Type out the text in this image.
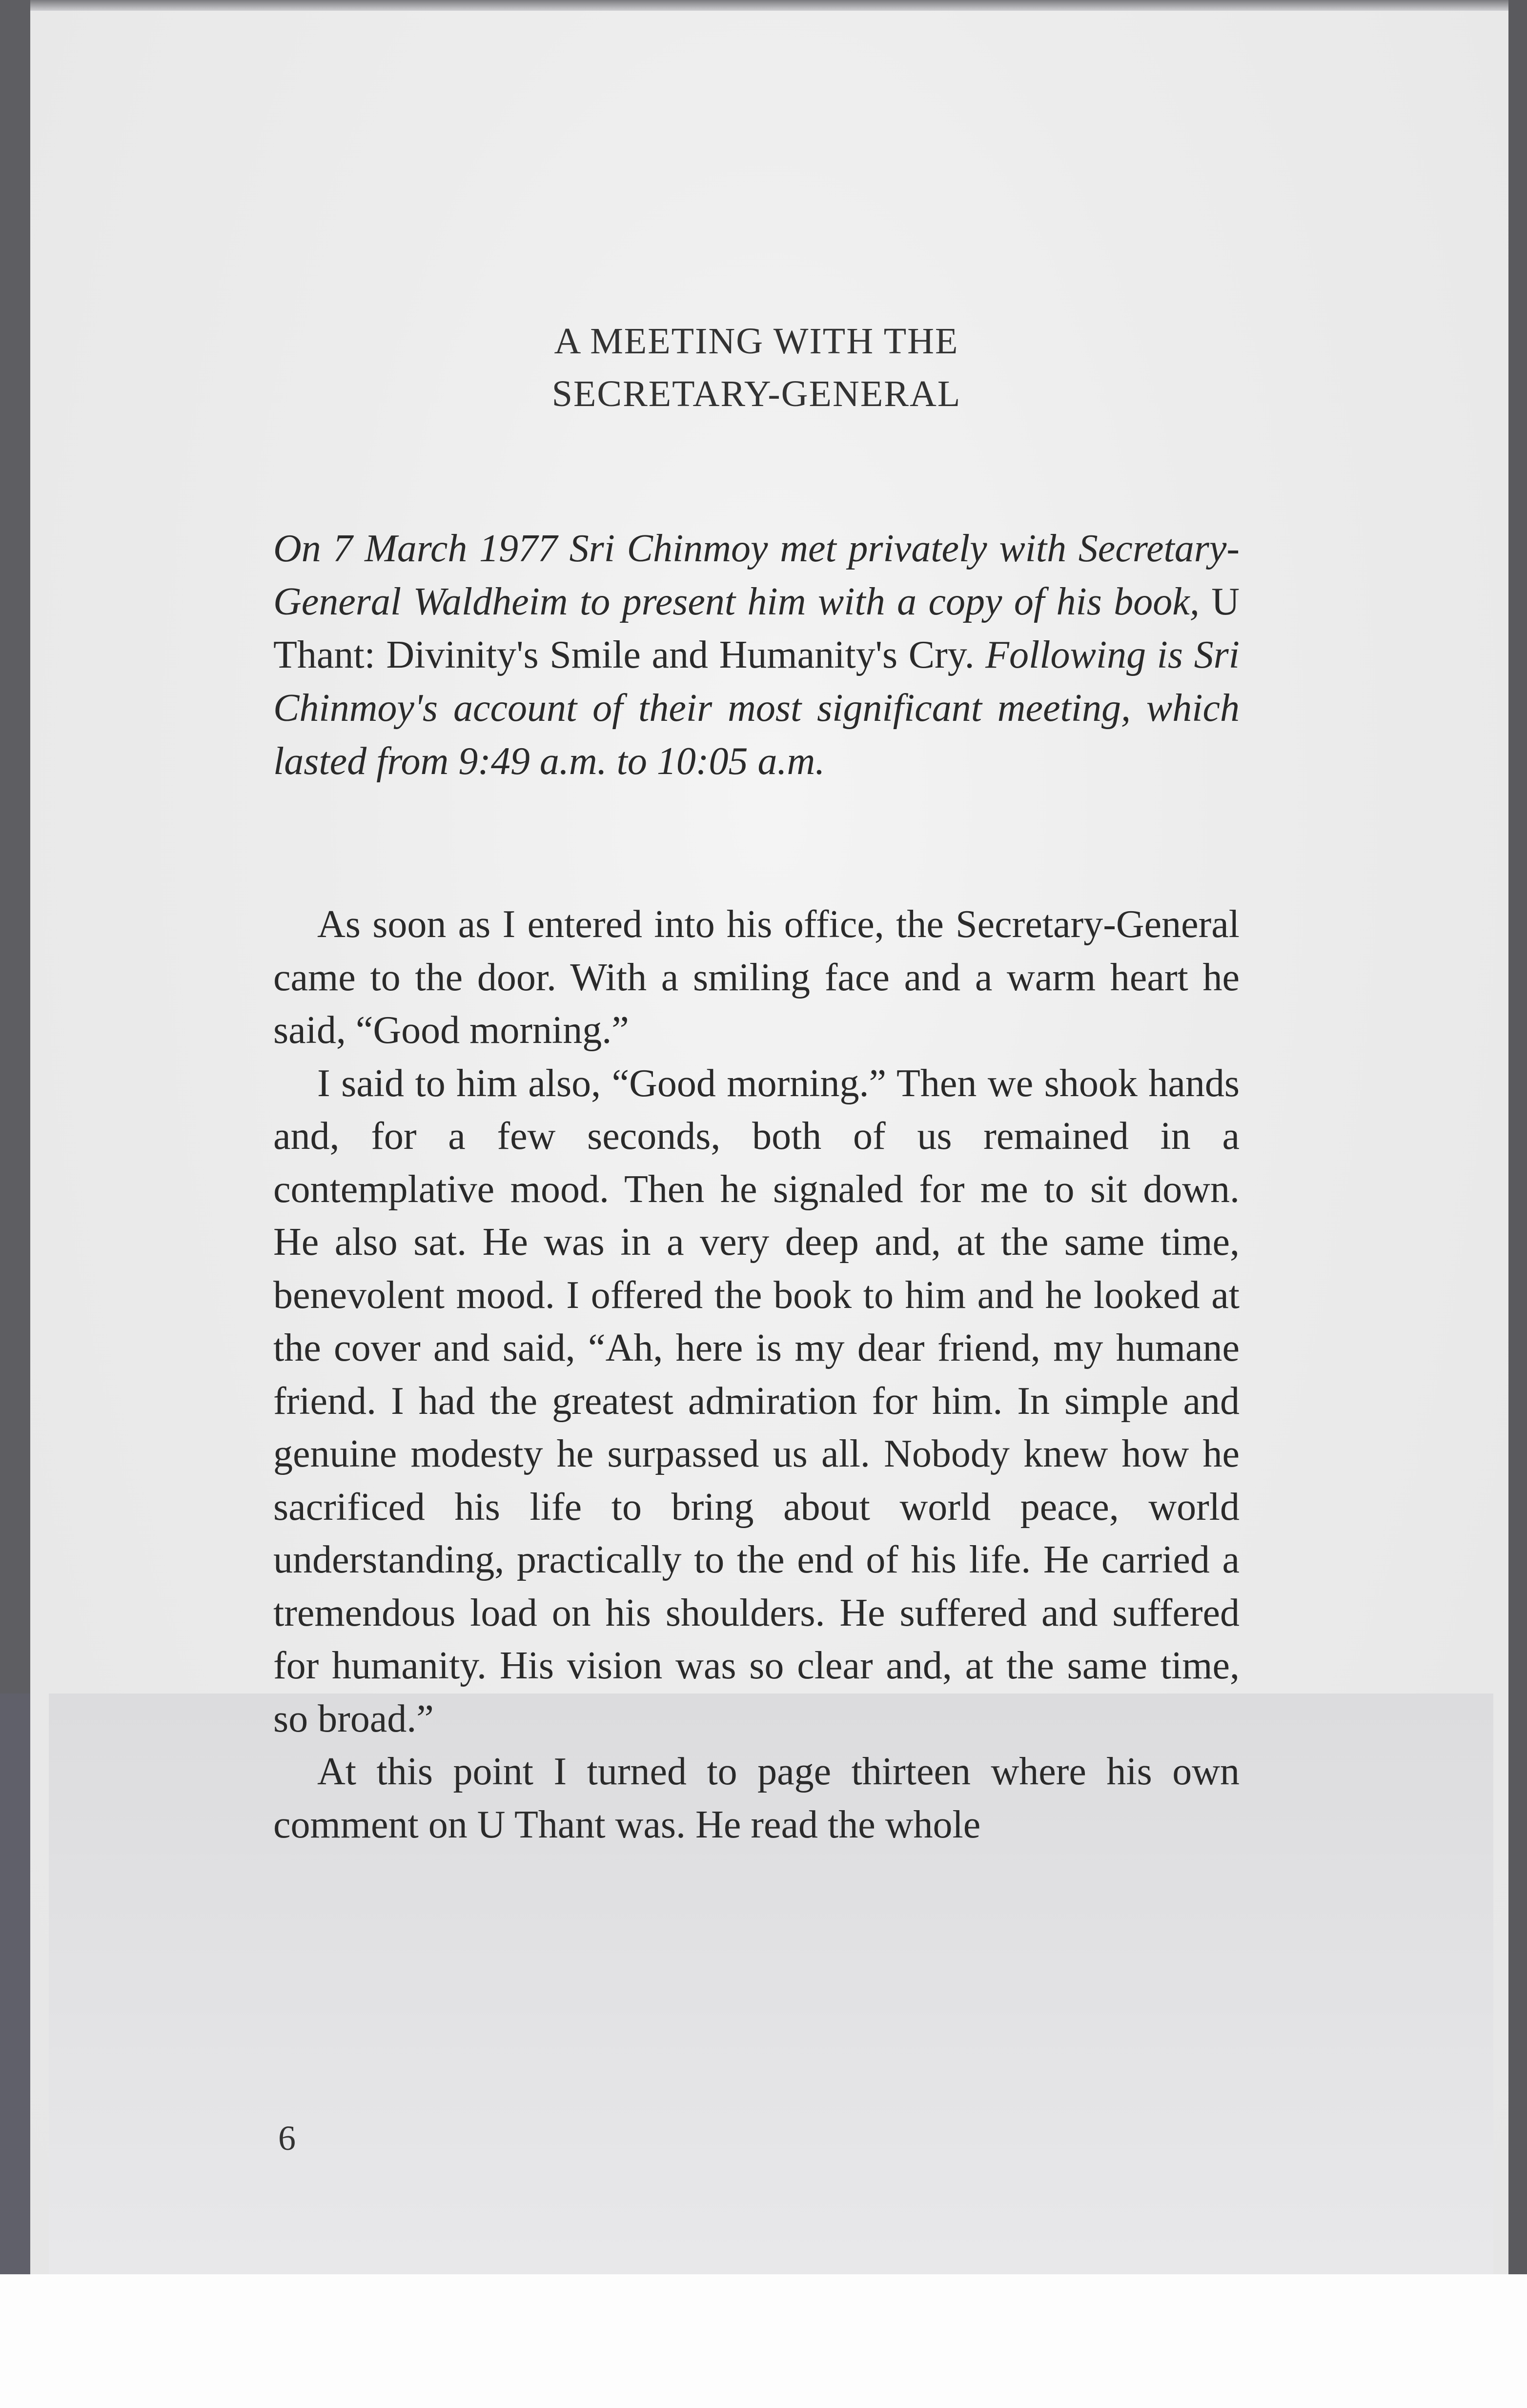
A MEETING WITH THE
SECRETARY-GENERAL
On 7 March 1977 Sri Chinmoy met privately with Secretary-General Waldheim to present him with a copy of his book, U Thant: Divinity's Smile and Humanity's Cry. Following is Sri Chinmoy's account of their most significant meeting, which lasted from 9:49 a.m. to 10:05 a.m.

As soon as I entered into his office, the Secretary-General came to the door. With a smiling face and a warm heart he said, “Good morning.”

I said to him also, “Good morning.” Then we shook hands and, for a few seconds, both of us remained in a contemplative mood. Then he signaled for me to sit down. He also sat. He was in a very deep and, at the same time, benevolent mood. I offered the book to him and he looked at the cover and said, “Ah, here is my dear friend, my humane friend. I had the greatest admiration for him. In simple and genuine modesty he surpassed us all. Nobody knew how he sacrificed his life to bring about world peace, world understanding, practically to the end of his life. He carried a tremendous load on his shoulders. He suffered and suffered for humanity. His vision was so clear and, at the same time, so broad.”

At this point I turned to page thirteen where his own comment on U Thant was. He read the whole

6
